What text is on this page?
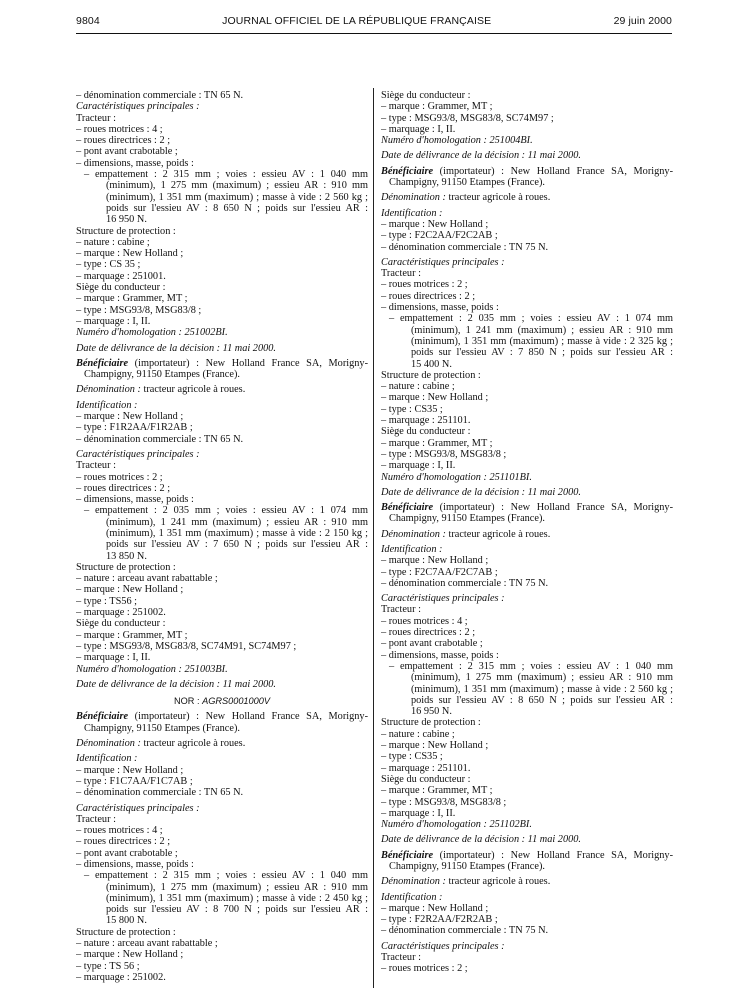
9804	JOURNAL OFFICIEL DE LA RÉPUBLIQUE FRANÇAISE	29 juin 2000
– dénomination commerciale : TN 65 N.
Caractéristiques principales :
Tracteur :
– roues motrices : 4 ;
– roues directrices : 2 ;
– pont avant crabotable ;
– dimensions, masse, poids :
– empattement : 2 315 mm ; voies : essieu AV : 1 040 mm
(minimum), 1 275 mm (maximum) ; essieu AR : 910 mm
(minimum), 1 351 mm (maximum) ; masse à vide : 2 560 kg ;
poids sur l'essieu AV : 8 650 N ; poids sur l'essieu AR :
16 950 N.
Structure de protection :
– nature : cabine ;
– marque : New Holland ;
– type : CS 35 ;
– marquage : 251001.
Siège du conducteur :
– marque : Grammer, MT ;
– type : MSG93/8, MSG83/8 ;
– marquage : I, II.
Numéro d'homologation : 251002BI.
Date de délivrance de la décision : 11 mai 2000.
Bénéficiaire (importateur) : New Holland France SA, Morigny-
Champigny, 91150 Etampes (France).
Dénomination : tracteur agricole à roues.
Identification :
– marque : New Holland ;
– type : F1R2AA/F1R2AB ;
– dénomination commerciale : TN 65 N.
Caractéristiques principales :
Tracteur :
– roues motrices : 2 ;
– roues directrices : 2 ;
– dimensions, masse, poids :
– empattement : 2 035 mm ; voies : essieu AV : 1 074 mm
(minimum), 1 241 mm (maximum) ; essieu AR : 910 mm
(minimum), 1 351 mm (maximum) ; masse à vide : 2 150 kg ;
poids sur l'essieu AV : 7 650 N ; poids sur l'essieu AR :
13 850 N.
Structure de protection :
– nature : arceau avant rabattable ;
– marque : New Holland ;
– type : TS56 ;
– marquage : 251002.
Siège du conducteur :
– marque : Grammer, MT ;
– type : MSG93/8, MSG83/8, SC74M91, SC74M97 ;
– marquage : I, II.
Numéro d'homologation : 251003BI.
Date de délivrance de la décision : 11 mai 2000.
NOR : AGRS0001000V
Bénéficiaire (importateur) : New Holland France SA, Morigny-
Champigny, 91150 Etampes (France).
Dénomination : tracteur agricole à roues.
Identification :
– marque : New Holland ;
– type : F1C7AA/F1C7AB ;
– dénomination commerciale : TN 65 N.
Caractéristiques principales :
Tracteur :
– roues motrices : 4 ;
– roues directrices : 2 ;
– pont avant crabotable ;
– dimensions, masse, poids :
– empattement : 2 315 mm ; voies : essieu AV : 1 040 mm
(minimum), 1 275 mm (maximum) ; essieu AR : 910 mm
(minimum), 1 351 mm (maximum) ; masse à vide : 2 450 kg ;
poids sur l'essieu AV : 8 700 N ; poids sur l'essieu AR :
15 800 N.
Structure de protection :
– nature : arceau avant rabattable ;
– marque : New Holland ;
– type : TS 56 ;
– marquage : 251002.
Siège du conducteur :
– marque : Grammer, MT ;
– type : MSG93/8, MSG83/8, SC74M97 ;
– marquage : I, II.
Numéro d'homologation : 251004BI.
Date de délivrance de la décision : 11 mai 2000.
Bénéficiaire (importateur) : New Holland France SA, Morigny-
Champigny, 91150 Etampes (France).
Dénomination : tracteur agricole à roues.
Identification :
– marque : New Holland ;
– type : F2C2AA/F2C2AB ;
– dénomination commerciale : TN 75 N.
Caractéristiques principales :
Tracteur :
– roues motrices : 2 ;
– roues directrices : 2 ;
– dimensions, masse, poids :
– empattement : 2 035 mm ; voies : essieu AV : 1 074 mm
(minimum), 1 241 mm (maximum) ; essieu AR : 910 mm
(minimum), 1 351 mm (maximum) ; masse à vide : 2 325 kg ;
poids sur l'essieu AV : 7 850 N ; poids sur l'essieu AR :
15 400 N.
Structure de protection :
– nature : cabine ;
– marque : New Holland ;
– type : CS35 ;
– marquage : 251101.
Siège du conducteur :
– marque : Grammer, MT ;
– type : MSG93/8, MSG83/8 ;
– marquage : I, II.
Numéro d'homologation : 251101BI.
Date de délivrance de la décision : 11 mai 2000.
Bénéficiaire (importateur) : New Holland France SA, Morigny-
Champigny, 91150 Etampes (France).
Dénomination : tracteur agricole à roues.
Identification :
– marque : New Holland ;
– type : F2C7AA/F2C7AB ;
– dénomination commerciale : TN 75 N.
Caractéristiques principales :
Tracteur :
– roues motrices : 4 ;
– roues directrices : 2 ;
– pont avant crabotable ;
– dimensions, masse, poids :
– empattement : 2 315 mm ; voies : essieu AV : 1 040 mm
(minimum), 1 275 mm (maximum) ; essieu AR : 910 mm
(minimum), 1 351 mm (maximum) ; masse à vide : 2 560 kg ;
poids sur l'essieu AV : 8 650 N ; poids sur l'essieu AR :
16 950 N.
Structure de protection :
– nature : cabine ;
– marque : New Holland ;
– type : CS35 ;
– marquage : 251101.
Siège du conducteur :
– marque : Grammer, MT ;
– type : MSG93/8, MSG83/8 ;
– marquage : I, II.
Numéro d'homologation : 251102BI.
Date de délivrance de la décision : 11 mai 2000.
Bénéficiaire (importateur) : New Holland France SA, Morigny-
Champigny, 91150 Etampes (France).
Dénomination : tracteur agricole à roues.
Identification :
– marque : New Holland ;
– type : F2R2AA/F2R2AB ;
– dénomination commerciale : TN 75 N.
Caractéristiques principales :
Tracteur :
– roues motrices : 2 ;
